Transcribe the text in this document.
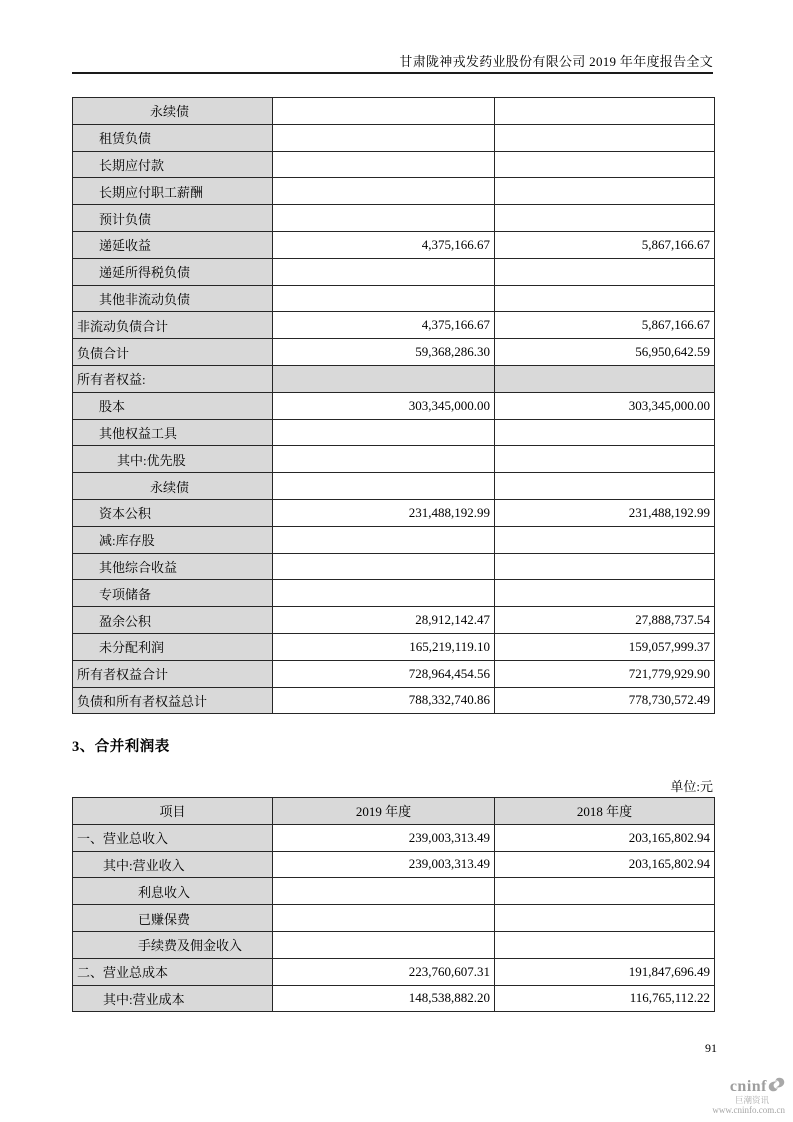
甘肃陇神戎发药业股份有限公司 2019 年年度报告全文
永续债		
租赁负债		
长期应付款		
长期应付职工薪酬		
预计负债		
递延收益	4,375,166.67	5,867,166.67
递延所得税负债		
其他非流动负债		
非流动负债合计	4,375,166.67	5,867,166.67
负债合计	59,368,286.30	56,950,642.59
所有者权益:		
股本	303,345,000.00	303,345,000.00
其他权益工具		
其中:优先股		
永续债		
资本公积	231,488,192.99	231,488,192.99
减:库存股		
其他综合收益		
专项储备		
盈余公积	28,912,142.47	27,888,737.54
未分配利润	165,219,119.10	159,057,999.37
所有者权益合计	728,964,454.56	721,779,929.90
负债和所有者权益总计	788,332,740.86	778,730,572.49
3、合并利润表
单位:元
项目	2019 年度	2018 年度
一、营业总收入	239,003,313.49	203,165,802.94
其中:营业收入	239,003,313.49	203,165,802.94
利息收入		
已赚保费		
手续费及佣金收入		
二、营业总成本	223,760,607.31	191,847,696.49
其中:营业成本	148,538,882.20	116,765,112.22
91
cninf
巨潮资讯
www.cninfo.com.cn
